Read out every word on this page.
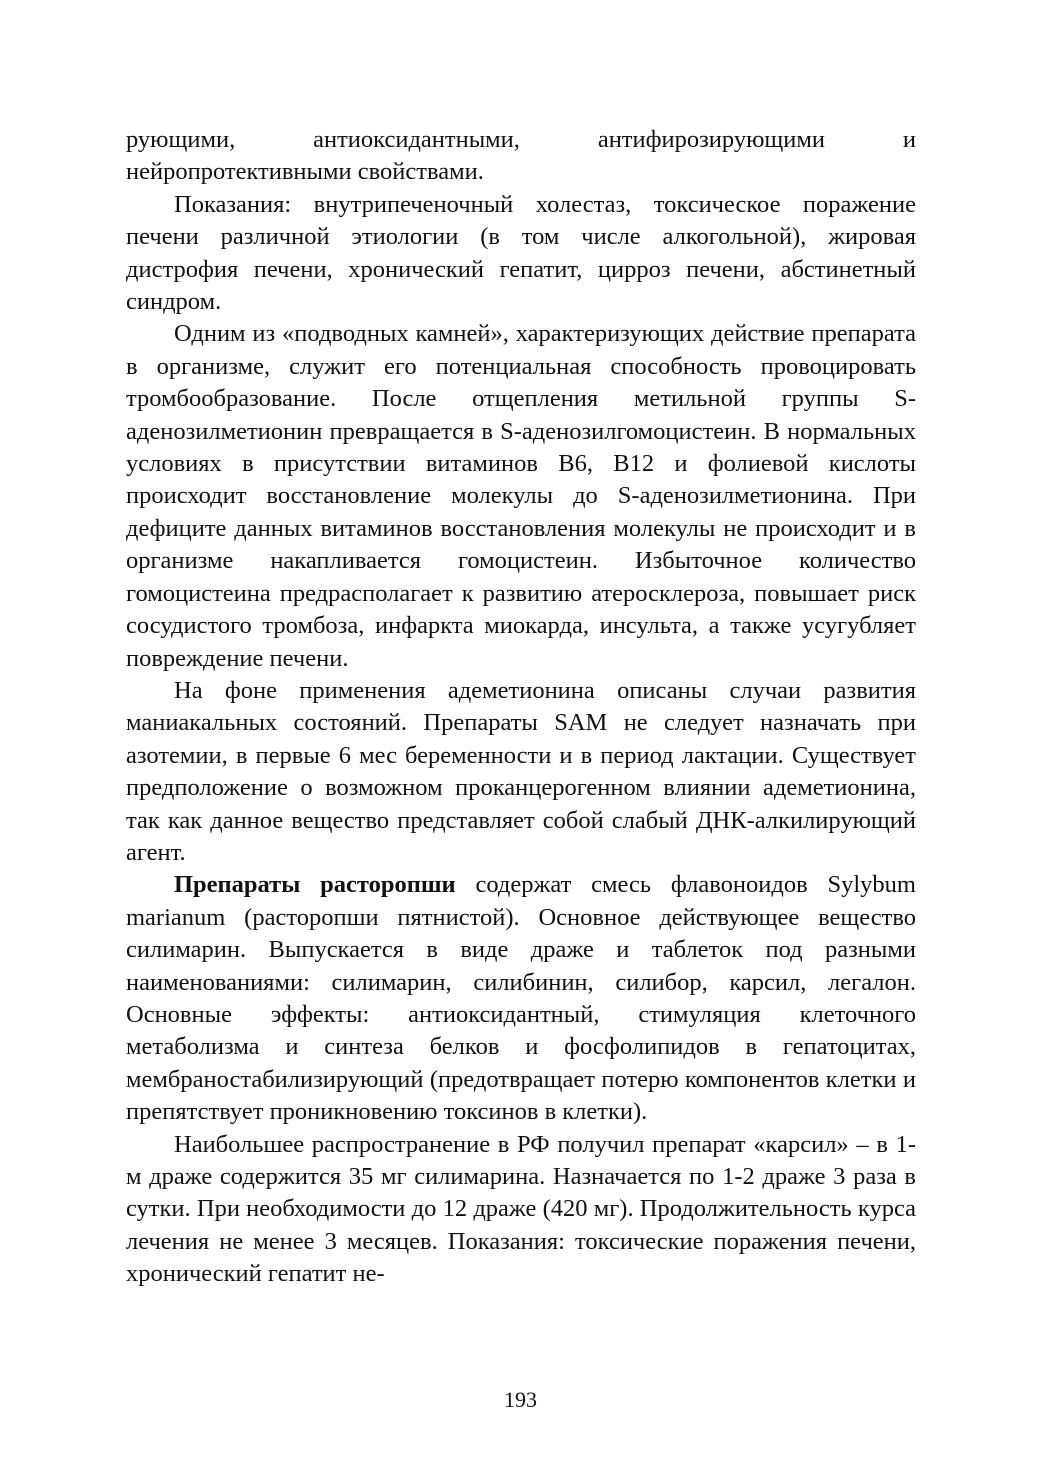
рующими, антиоксидантными, антифирозирующими и нейропротективными свойствами.

Показания: внутрипеченочный холестаз, токсическое поражение печени различной этиологии (в том числе алкогольной), жировая дистрофия печени, хронический гепатит, цирроз печени, абстинетный синдром.

Одним из «подводных камней», характеризующих действие препарата в организме, служит его потенциальная способность провоцировать тромбообразование. После отщепления метильной группы S-аденозилметионин превращается в S-аденозилгомоцистеин. В нормальных условиях в присутствии витаминов В6, В12 и фолиевой кислоты происходит восстановление молекулы до S-аденозилметионина. При дефиците данных витаминов восстановления молекулы не происходит и в организме накапливается гомоцистеин. Избыточное количество гомоцистеина предрасполагает к развитию атеросклероза, повышает риск сосудистого тромбоза, инфаркта миокарда, инсульта, а также усугубляет повреждение печени.

На фоне применения адеметионина описаны случаи развития маниакальных состояний. Препараты SAM не следует назначать при азотемии, в первые 6 мес беременности и в период лактации. Существует предположение о возможном проканцерогенном влиянии адеметионина, так как данное вещество представляет собой слабый ДНК-алкилирующий агент.

Препараты расторопши содержат смесь флавоноидов Sylybum marianum (расторопши пятнистой). Основное действующее вещество силимарин. Выпускается в виде драже и таблеток под разными наименованиями: силимарин, силибинин, силибор, карсил, легалон. Основные эффекты: антиоксидантный, стимуляция клеточного метаболизма и синтеза белков и фосфолипидов в гепатоцитах, мембраностабилизирующий (предотвращает потерю компонентов клетки и препятствует проникновению токсинов в клетки).

Наибольшее распространение в РФ получил препарат «карсил» – в 1-м драже содержится 35 мг силимарина. Назначается по 1-2 драже 3 раза в сутки. При необходимости до 12 драже (420 мг). Продолжительность курса лечения не менее 3 месяцев. Показания: токсические поражения печени, хронический гепатит не-

193
